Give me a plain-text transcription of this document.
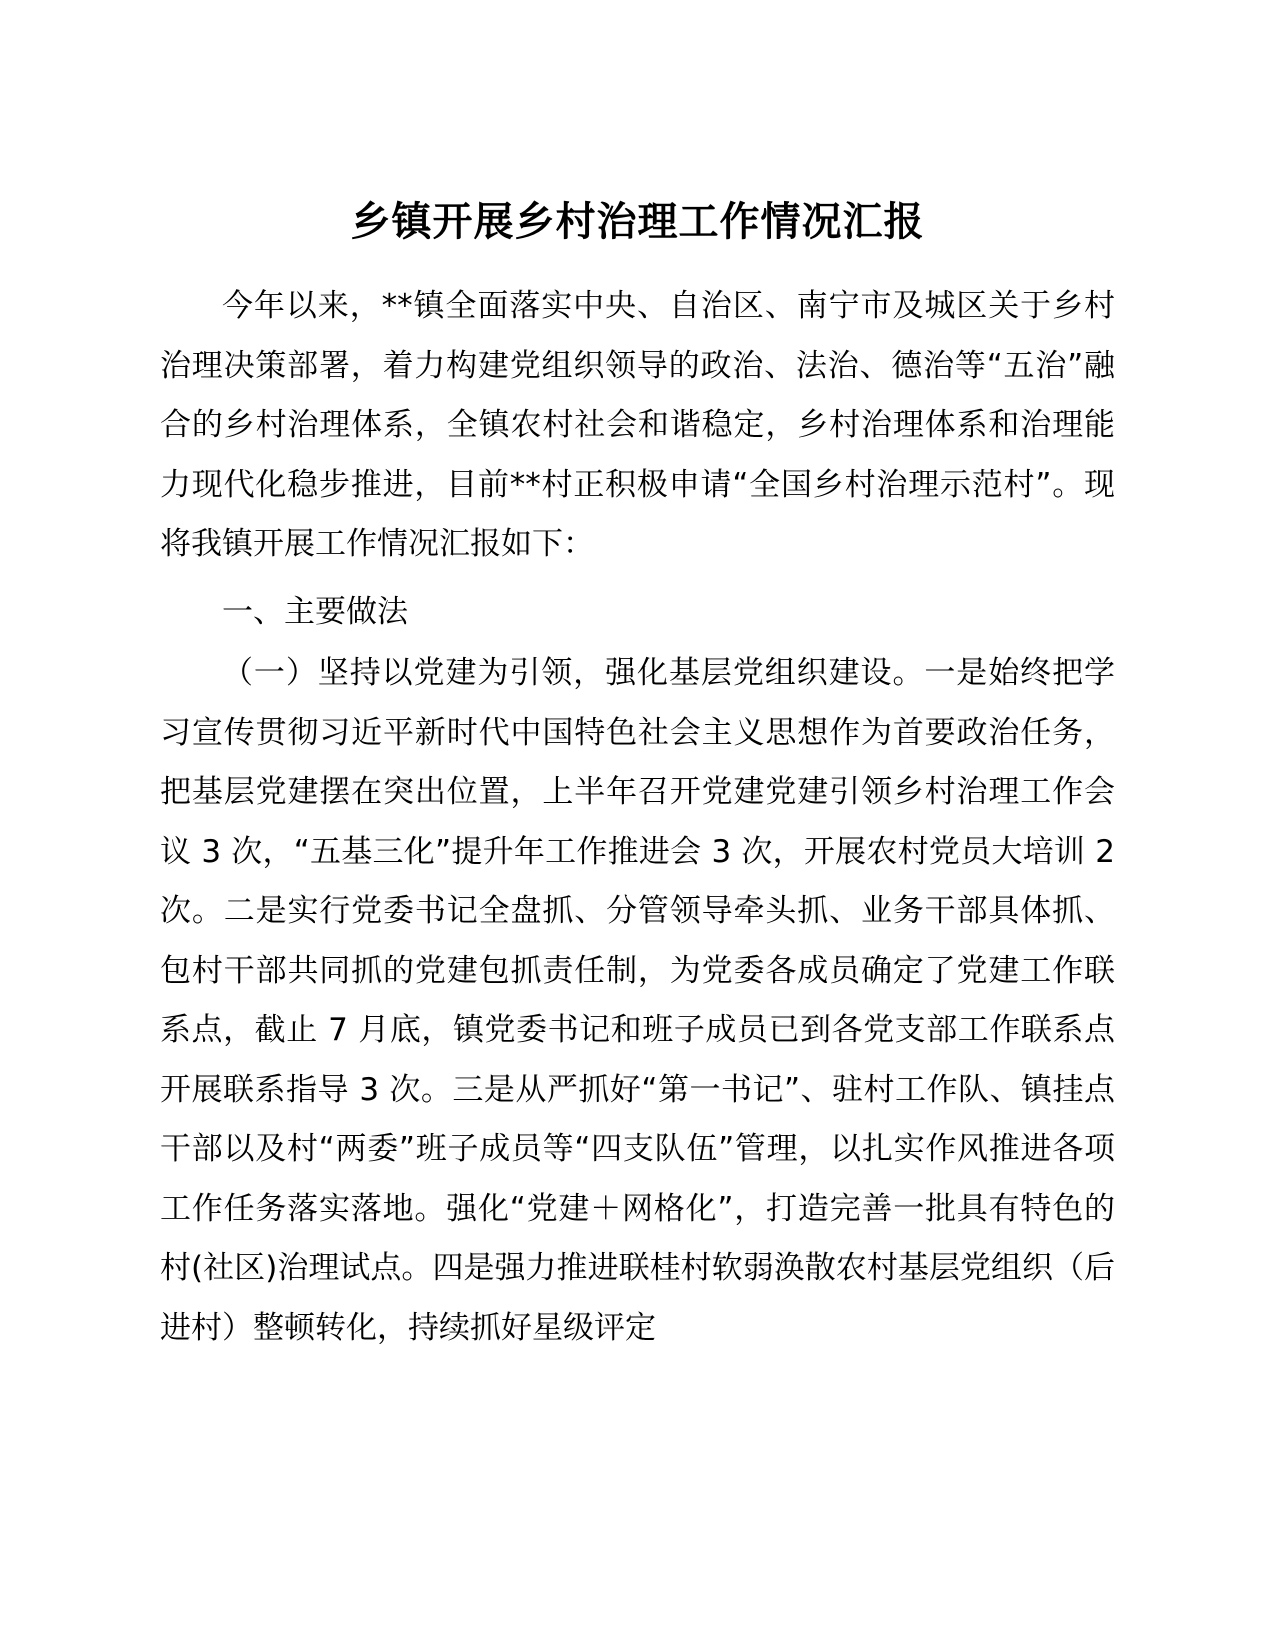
乡镇开展乡村治理工作情况汇报

今年以来，**镇全面落实中央、自治区、南宁市及城区关于乡村治理决策部署，着力构建党组织领导的政治、法治、德治等“五治”融合的乡村治理体系，全镇农村社会和谐稳定，乡村治理体系和治理能力现代化稳步推进，目前**村正积极申请“全国乡村治理示范村”。现将我镇开展工作情况汇报如下：

一、主要做法

（一）坚持以党建为引领，强化基层党组织建设。一是始终把学习宣传贯彻习近平新时代中国特色社会主义思想作为首要政治任务，把基层党建摆在突出位置，上半年召开党建党建引领乡村治理工作会议 3 次，“五基三化”提升年工作推进会 3 次，开展农村党员大培训 2 次。二是实行党委书记全盘抓、分管领导牵头抓、业务干部具体抓、包村干部共同抓的党建包抓责任制，为党委各成员确定了党建工作联系点，截止 7 月底，镇党委书记和班子成员已到各党支部工作联系点开展联系指导 3 次。三是从严抓好“第一书记”、驻村工作队、镇挂点干部以及村“两委”班子成员等“四支队伍”管理，以扎实作风推进各项工作任务落实落地。强化“党建＋网格化”，打造完善一批具有特色的村(社区)治理试点。四是强力推进联桂村软弱涣散农村基层党组织（后进村）整顿转化，持续抓好星级评定
